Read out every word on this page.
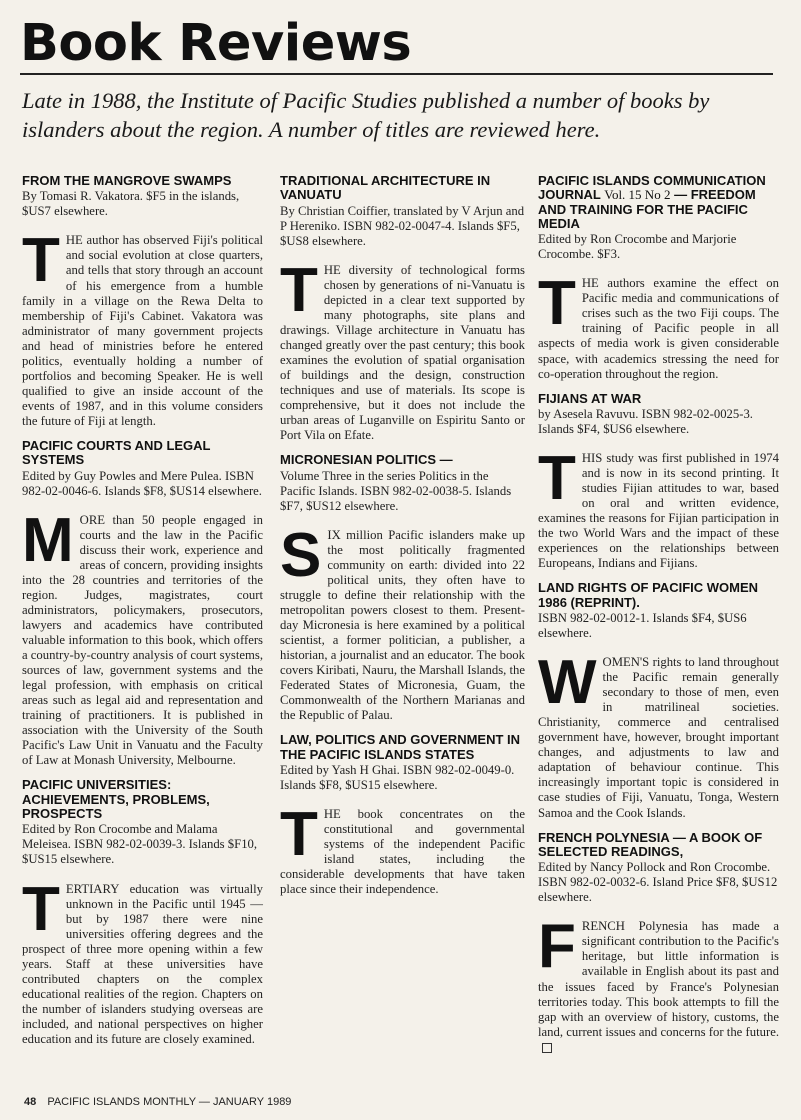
Book Reviews

Late in 1988, the Institute of Pacific Studies published a number of books by islanders about the region. A number of titles are reviewed here.

FROM THE MANGROVE SWAMPS
By Tomasi R. Vakatora. $F5 in the islands, $US7 elsewhere.

THE author has observed Fiji's political and social evolution at close quarters, and tells that story through an account of his emergence from a humble family in a village on the Rewa Delta to membership of Fiji's Cabinet. Vakatora was administrator of many government projects and head of ministries before he entered politics, eventually holding a number of portfolios and becoming Speaker. He is well qualified to give an inside account of the events of 1987, and in this volume considers the future of Fiji at length.

PACIFIC COURTS AND LEGAL SYSTEMS
Edited by Guy Powles and Mere Pulea. ISBN 982-02-0046-6. Islands $F8, $US14 elsewhere.

MORE than 50 people engaged in courts and the law in the Pacific discuss their work, experience and areas of concern, providing insights into the 28 countries and territories of the region. Judges, magistrates, court administrators, policymakers, prosecutors, lawyers and academics have contributed valuable information to this book, which offers a country-by-country analysis of court systems, sources of law, government systems and the legal profession, with emphasis on critical areas such as legal aid and representation and training of practitioners. It is published in association with the University of the South Pacific's Law Unit in Vanuatu and the Faculty of Law at Monash University, Melbourne.

PACIFIC UNIVERSITIES: ACHIEVEMENTS, PROBLEMS, PROSPECTS
Edited by Ron Crocombe and Malama Meleisea. ISBN 982-02-0039-3. Islands $F10, $US15 elsewhere.

TERTIARY education was virtually unknown in the Pacific until 1945 — but by 1987 there were nine universities offering degrees and the prospect of three more opening within a few years. Staff at these universities have contributed chapters on the complex educational realities of the region. Chapters on the number of islanders studying overseas are included, and national perspectives on higher education and its future are closely examined.

TRADITIONAL ARCHITECTURE IN VANUATU
By Christian Coiffier, translated by V Arjun and P Hereniko. ISBN 982-02-0047-4. Islands $F5, $US8 elsewhere.

THE diversity of technological forms chosen by generations of ni-Vanuatu is depicted in a clear text supported by many photographs, site plans and drawings. Village architecture in Vanuatu has changed greatly over the past century; this book examines the evolution of spatial organisation of buildings and the design, construction techniques and use of materials. Its scope is comprehensive, but it does not include the urban areas of Luganville on Espiritu Santo or Port Vila on Efate.

MICRONESIAN POLITICS —
Volume Three in the series Politics in the Pacific Islands. ISBN 982-02-0038-5. Islands $F7, $US12 elsewhere.

SIX million Pacific islanders make up the most politically fragmented community on earth: divided into 22 political units, they often have to struggle to define their relationship with the metropolitan powers closest to them. Present-day Micronesia is here examined by a political scientist, a former politician, a publisher, a historian, a journalist and an educator. The book covers Kiribati, Nauru, the Marshall Islands, the Federated States of Micronesia, Guam, the Commonwealth of the Northern Marianas and the Republic of Palau.

LAW, POLITICS AND GOVERNMENT IN THE PACIFIC ISLANDS STATES
Edited by Yash H Ghai. ISBN 982-02-0049-0. Islands $F8, $US15 elsewhere.

THE book concentrates on the constitutional and governmental systems of the independent Pacific island states, including the considerable developments that have taken place since their independence.

PACIFIC ISLANDS COMMUNICATION JOURNAL Vol. 15 No 2 — FREEDOM AND TRAINING FOR THE PACIFIC MEDIA
Edited by Ron Crocombe and Marjorie Crocombe. $F3.

THE authors examine the effect on Pacific media and communications of crises such as the two Fiji coups. The training of Pacific people in all aspects of media work is given considerable space, with academics stressing the need for co-operation throughout the region.

FIJIANS AT WAR
by Asesela Ravuvu. ISBN 982-02-0025-3. Islands $F4, $US6 elsewhere.

THIS study was first published in 1974 and is now in its second printing. It studies Fijian attitudes to war, based on oral and written evidence, examines the reasons for Fijian participation in the two World Wars and the impact of these experiences on the relationships between Europeans, Indians and Fijians.

LAND RIGHTS OF PACIFIC WOMEN 1986 (REPRINT).
ISBN 982-02-0012-1. Islands $F4, $US6 elsewhere.

WOMEN'S rights to land throughout the Pacific remain generally secondary to those of men, even in matrilineal societies. Christianity, commerce and centralised government have, however, brought important changes, and adjustments to law and adaptation of behaviour continue. This increasingly important topic is considered in case studies of Fiji, Vanuatu, Tonga, Western Samoa and the Cook Islands.

FRENCH POLYNESIA — A BOOK OF SELECTED READINGS,
Edited by Nancy Pollock and Ron Crocombe. ISBN 982-02-0032-6. Island Price $F8, $US12 elsewhere.

FRENCH Polynesia has made a significant contribution to the Pacific's heritage, but little information is available in English about its past and the issues faced by France's Polynesian territories today. This book attempts to fill the gap with an overview of history, customs, the land, current issues and concerns for the future.

48 PACIFIC ISLANDS MONTHLY — JANUARY 1989
